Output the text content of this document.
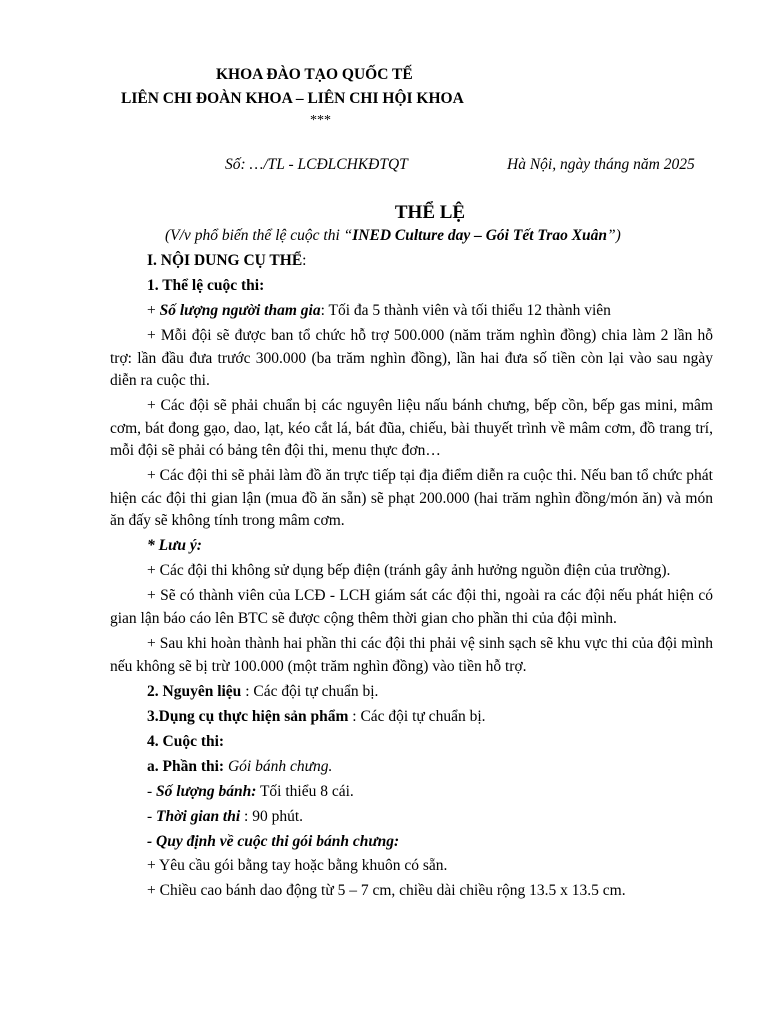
KHOA ĐÀO TẠO QUỐC TẾ
LIÊN CHI ĐOÀN KHOA – LIÊN CHI HỘI KHOA
***
Số: …/TL - LCĐLCHKĐTQT	Hà Nội, ngày tháng năm 2025
THỂ LỆ
(V/v phổ biến thể lệ cuộc thi “INED Culture day – Gói Tết Trao Xuân”)

I. NỘI DUNG CỤ THỂ:

1. Thể lệ cuộc thi:

+ Số lượng người tham gia: Tối đa 5 thành viên và tối thiểu 12 thành viên

+ Mỗi đội sẽ được ban tổ chức hỗ trợ 500.000 (năm trăm nghìn đồng) chia làm 2 lần hỗ trợ: lần đầu đưa trước 300.000 (ba trăm nghìn đồng), lần hai đưa số tiền còn lại vào sau ngày diễn ra cuộc thi.

+ Các đội sẽ phải chuẩn bị các nguyên liệu nấu bánh chưng, bếp cồn, bếp gas mini, mâm cơm, bát đong gạo, dao, lạt, kéo cắt lá, bát đũa, chiếu, bài thuyết trình về mâm cơm, đồ trang trí, mỗi đội sẽ phải có bảng tên đội thi, menu thực đơn…

+ Các đội thi sẽ phải làm đồ ăn trực tiếp tại địa điểm diễn ra cuộc thi. Nếu ban tổ chức phát hiện các đội thi gian lận (mua đồ ăn sẵn) sẽ phạt 200.000 (hai trăm nghìn đồng/món ăn) và món ăn đấy sẽ không tính trong mâm cơm.

* Lưu ý:

+ Các đội thi không sử dụng bếp điện (tránh gây ảnh hưởng nguồn điện của trường).

+ Sẽ có thành viên của LCĐ - LCH giám sát các đội thi, ngoài ra các đội nếu phát hiện có gian lận báo cáo lên BTC sẽ được cộng thêm thời gian cho phần thi của đội mình.

+ Sau khi hoàn thành hai phần thi các đội thi phải vệ sinh sạch sẽ khu vực thi của đội mình nếu không sẽ bị trừ 100.000 (một trăm nghìn đồng) vào tiền hỗ trợ.

2. Nguyên liệu : Các đội tự chuẩn bị.

3.Dụng cụ thực hiện sản phẩm : Các đội tự chuẩn bị.

4. Cuộc thi:

a. Phần thi: Gói bánh chưng.

- Số lượng bánh: Tối thiểu 8 cái.

- Thời gian thi : 90 phút.

- Quy định về cuộc thi gói bánh chưng:

+ Yêu cầu gói bằng tay hoặc bằng khuôn có sẵn.

+ Chiều cao bánh dao động từ 5 – 7 cm, chiều dài chiều rộng 13.5 x 13.5 cm.
